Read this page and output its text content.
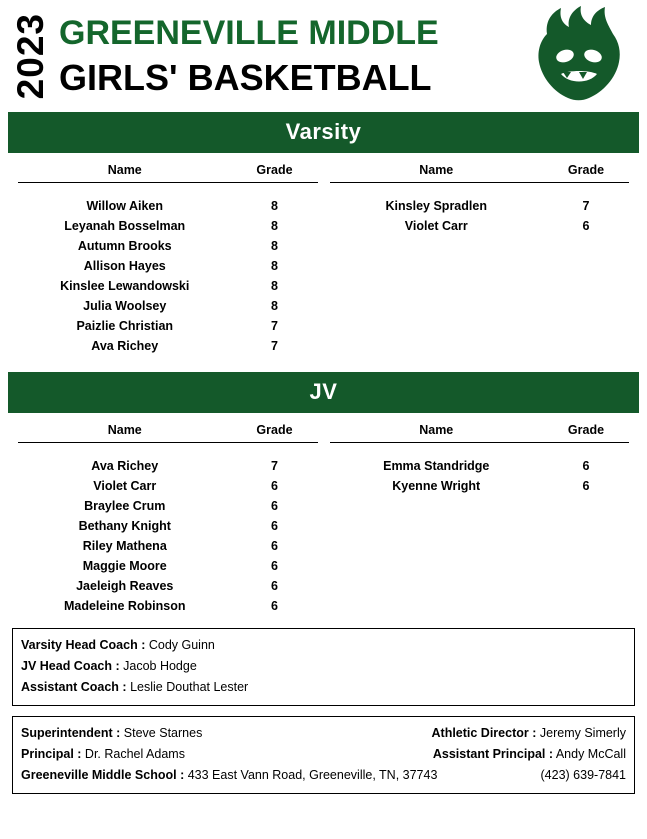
2023 GREENEVILLE MIDDLE
GIRLS' BASKETBALL
Varsity
Name	Grade
Willow Aiken	8
Leyanah Bosselman	8
Autumn Brooks	8
Allison Hayes	8
Kinslee Lewandowski	8
Julia Woolsey	8
Paizlie Christian	7
Ava Richey	7
Name	Grade
Kinsley Spradlen	7
Violet Carr	6
JV
Name	Grade
Ava Richey	7
Violet Carr	6
Braylee Crum	6
Bethany Knight	6
Riley Mathena	6
Maggie Moore	6
Jaeleigh Reaves	6
Madeleine Robinson	6
Name	Grade
Emma Standridge	6
Kyenne Wright	6
Varsity Head Coach : Cody Guinn
JV Head Coach : Jacob Hodge
Assistant Coach : Leslie Douthat Lester
Superintendent : Steve Starnes	Athletic Director : Jeremy Simerly
Principal : Dr. Rachel Adams	Assistant Principal : Andy McCall
Greeneville Middle School : 433 East Vann Road, Greeneville, TN, 37743	(423) 639-7841
